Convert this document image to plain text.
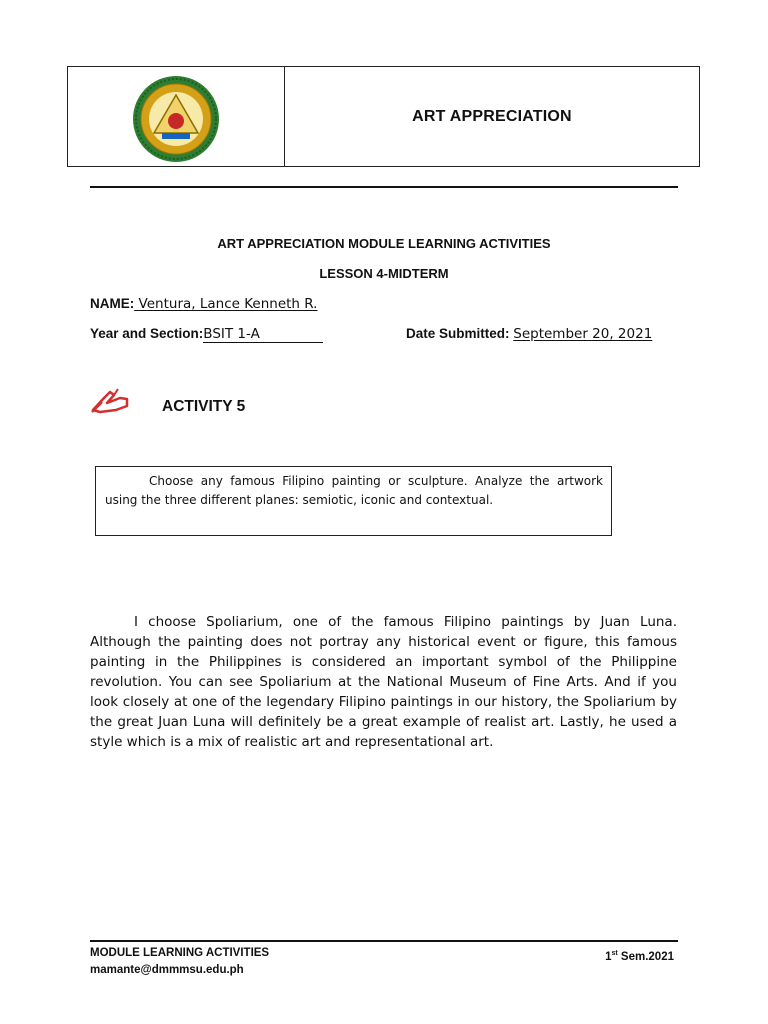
ART APPRECIATION
ART APPRECIATION MODULE LEARNING ACTIVITIES
LESSON 4-MIDTERM
NAME: Ventura, Lance Kenneth R.
Year and Section:BSIT 1-A	Date Submitted: September 20, 2021
ACTIVITY 5
Choose any famous Filipino painting or sculpture. Analyze the artwork using the three different planes: semiotic, iconic and contextual.
I choose Spoliarium, one of the famous Filipino paintings by Juan Luna. Although the painting does not portray any historical event or figure, this famous painting in the Philippines is considered an important symbol of the Philippine revolution. You can see Spoliarium at the National Museum of Fine Arts. And if you look closely at one of the legendary Filipino paintings in our history, the Spoliarium by the great Juan Luna will definitely be a great example of realist art. Lastly, he used a style which is a mix of realistic art and representational art.
MODULE LEARNING ACTIVITIES
mamante@dmmmsu.edu.ph
1st Sem.2021
